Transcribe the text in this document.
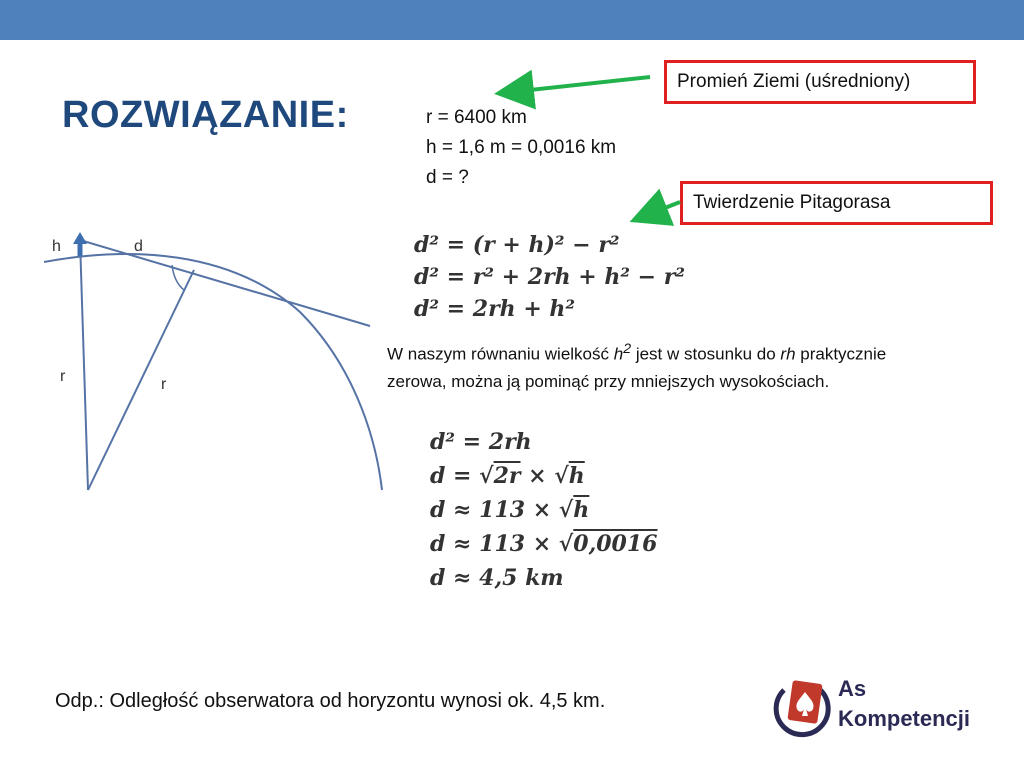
ROZWIĄZANIE:	r = 6400 km
h = 1,6 m = 0,0016 km
d = ?
Promień Ziemi (uśredniony)
Twierdzenie Pitagorasa
h	d
r	r
d² = (r + h)² − r²
d² = r² + 2rh + h² − r²
d² = 2rh + h²
W naszym równaniu wielkość $h^2$ jest w stosunku do rh praktycznie zerowa, można ją pominąć przy mniejszych wysokościach.
d² = 2rh
d = √2r × √h
d ≈ 113 × √h
d ≈ 113 × √0,0016
d ≈ 4,5 km
Odp.: Odległość obserwatora od horyzontu wynosi ok. 4,5 km.	As
Kompetencji
